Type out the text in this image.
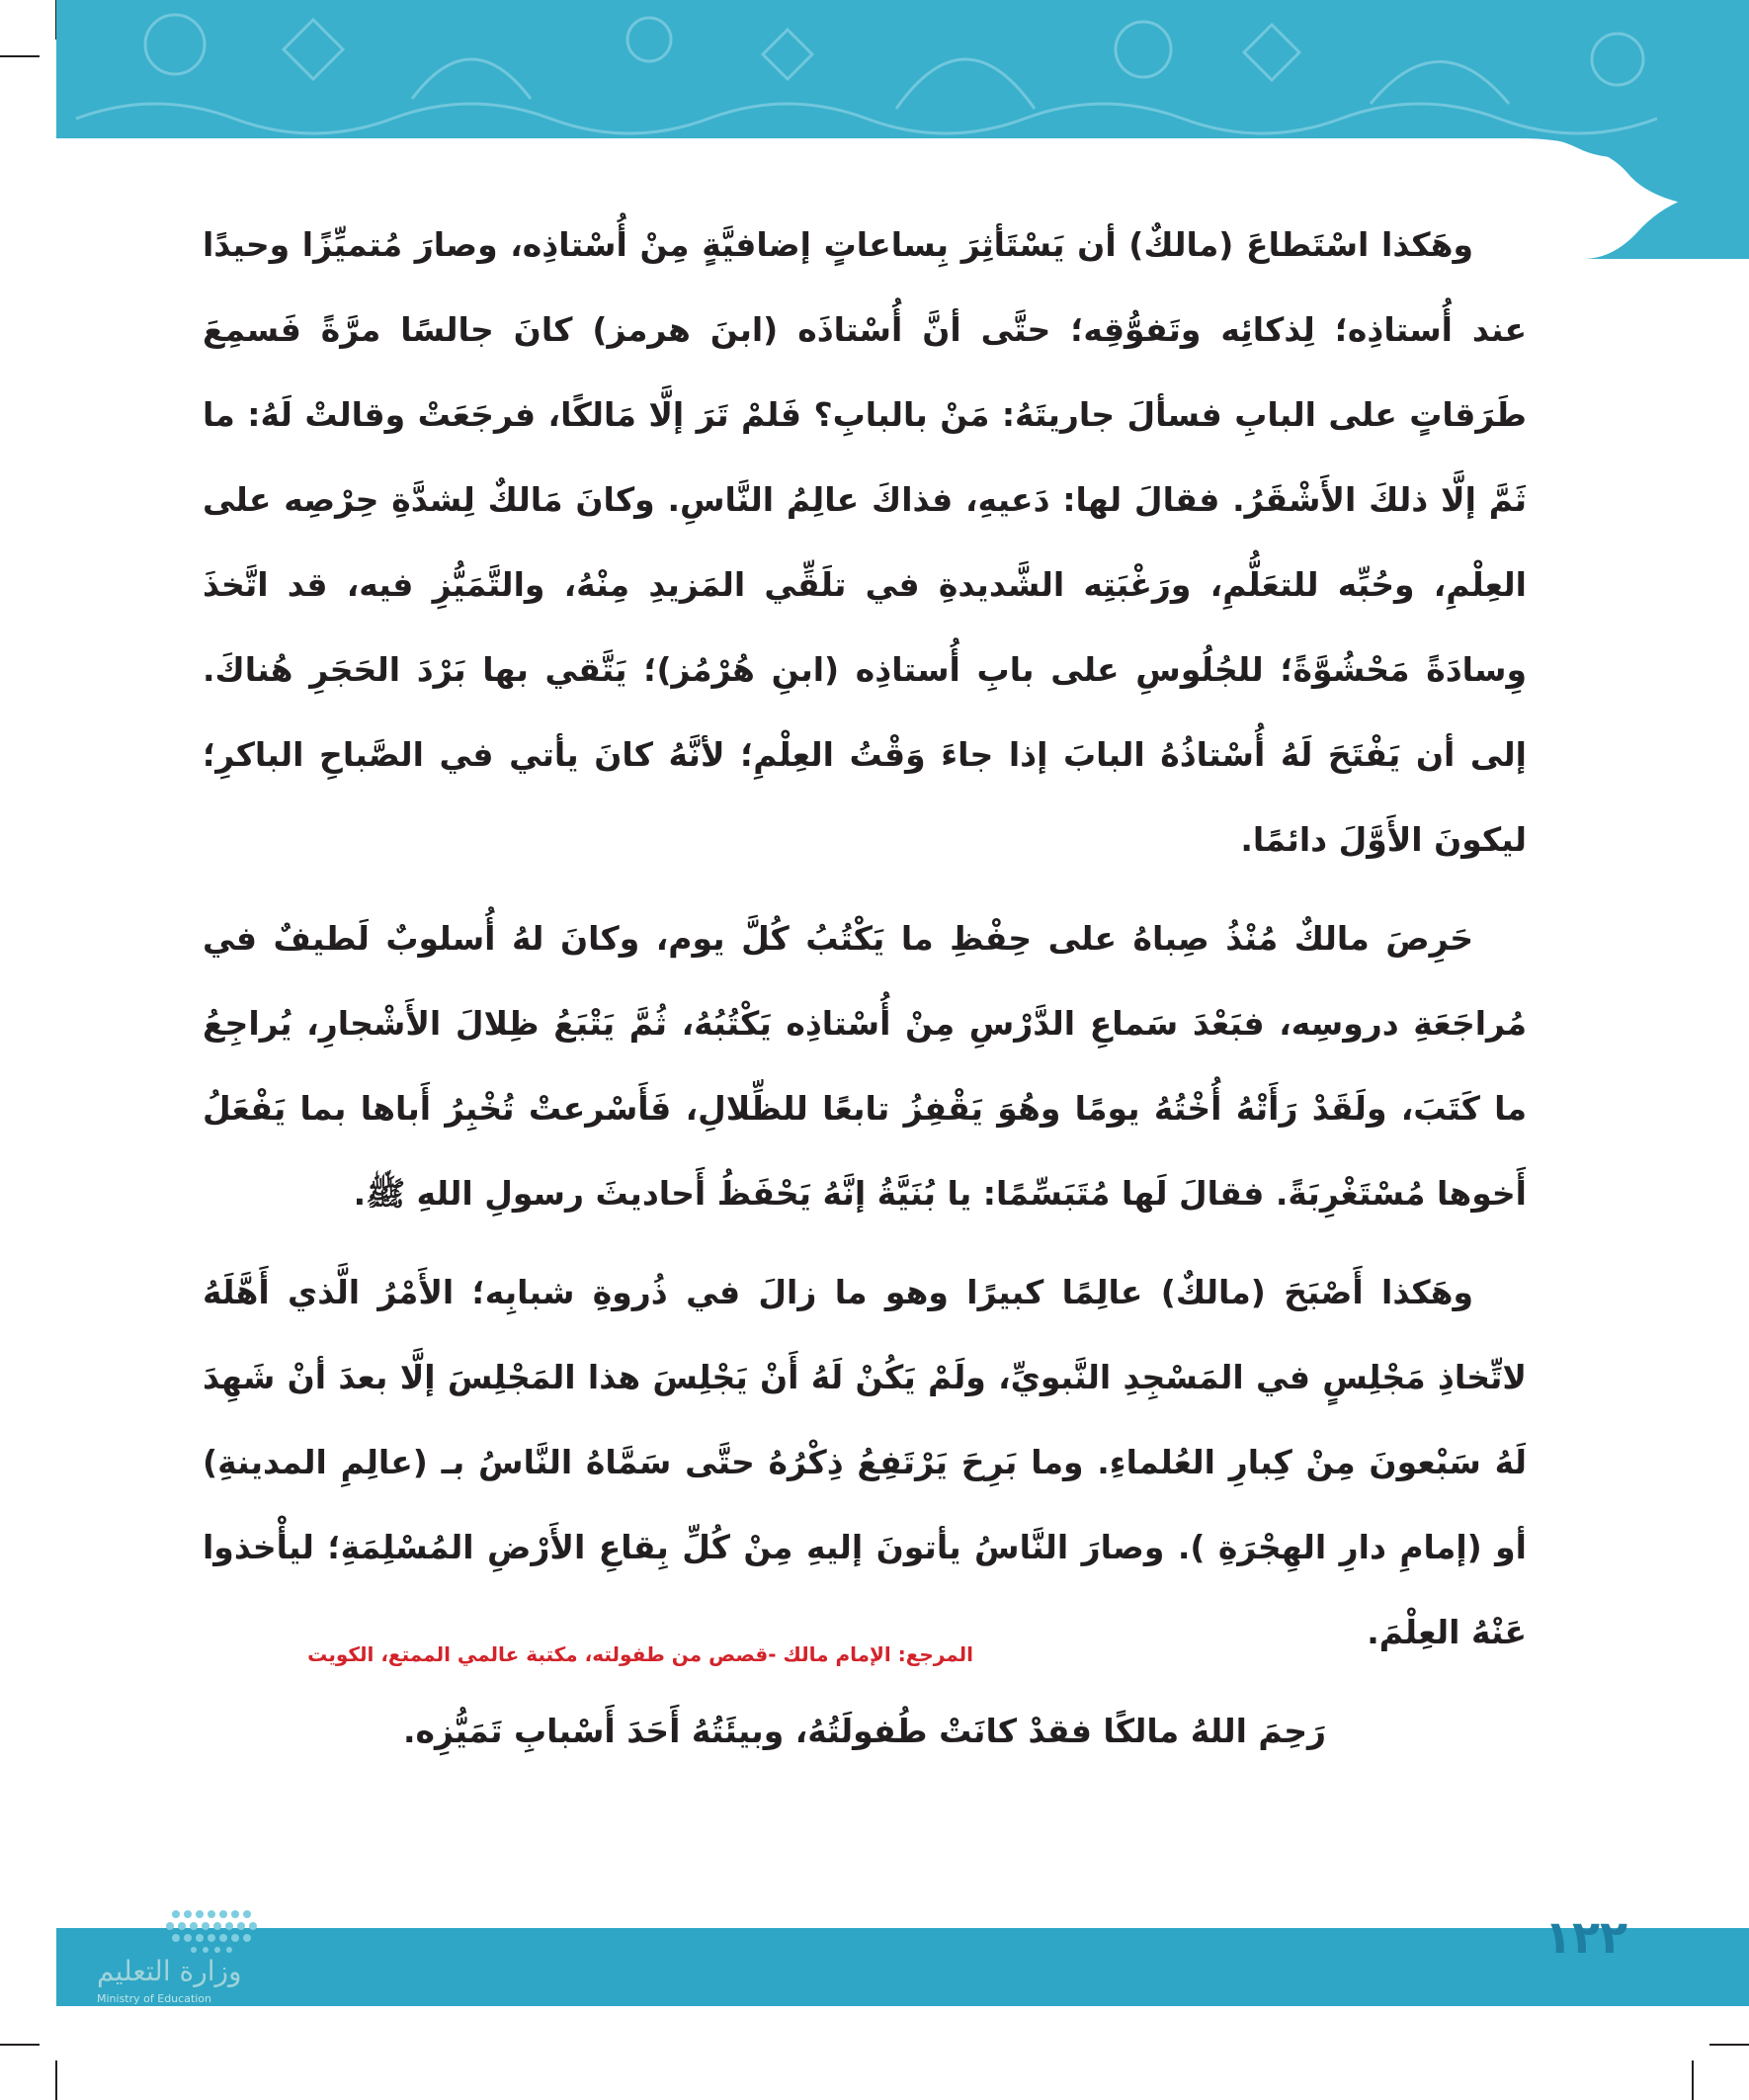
وهَكذا اسْتَطاعَ (مالكٌ) أن يَسْتَأثِرَ بِساعاتٍ إضافيَّةٍ مِنْ أُسْتاذِه، وصارَ مُتميِّزًا وحيدًا عند أُستاذِه؛ لِذكائِه وتَفوُّقِه؛ حتَّى أنَّ أُسْتاذَه (ابنَ هرمز) كانَ جالسًا مرَّةً فَسمِعَ طَرَقاتٍ على البابِ فسألَ جاريتَهُ: مَنْ بالبابِ؟ فَلمْ تَرَ إلَّا مَالكًا، فرجَعَتْ وقالتْ لَهُ: ما ثَمَّ إلَّا ذلكَ الأَشْقَرُ. فقالَ لها: دَعيهِ، فذاكَ عالِمُ النَّاسِ. وكانَ مَالكٌ لِشدَّةِ حِرْصِه على العِلْمِ، وحُبِّه للتعَلُّمِ، ورَغْبَتِه الشَّديدةِ في تلَقِّي المَزيدِ مِنْهُ، والتَّمَيُّزِ فيه، قد اتَّخذَ وِسادَةً مَحْشُوَّةً؛ للجُلُوسِ على بابِ أُستاذِه (ابنِ هُرْمُز)؛ يَتَّقي بها بَرْدَ الحَجَرِ هُناكَ. إلى أن يَفْتَحَ لَهُ أُسْتاذُهُ البابَ إذا جاءَ وَقْتُ العِلْمِ؛ لأنَّهُ كانَ يأتي في الصَّباحِ الباكرِ؛ ليكونَ الأَوَّلَ دائمًا.

حَرِصَ مالكٌ مُنْذُ صِباهُ على حِفْظِ ما يَكْتُبُ كُلَّ يوم، وكانَ لهُ أُسلوبٌ لَطيفٌ في مُراجَعَةِ دروسِه، فبَعْدَ سَماعِ الدَّرْسِ مِنْ أُسْتاذِه يَكْتُبُهُ، ثُمَّ يَتْبَعُ ظِلالَ الأَشْجارِ، يُراجِعُ ما كَتَبَ، ولَقَدْ رَأَتْهُ أُخْتُهُ يومًا وهُوَ يَقْفِزُ تابعًا للظِّلالِ، فَأَسْرعتْ تُخْبِرُ أَباها بما يَفْعَلُ أَخوها مُسْتَغْرِبَةً. فقالَ لَها مُتَبَسِّمًا: يا بُنَيَّةُ إنَّهُ يَحْفَظُ أَحاديثَ رسولِ اللهِ ﷺ.

وهَكذا أَصْبَحَ (مالكٌ) عالِمًا كبيرًا وهو ما زالَ في ذُروةِ شبابِه؛ الأَمْرُ الَّذي أَهَّلَهُ لاتِّخاذِ مَجْلِسٍ في المَسْجِدِ النَّبويِّ، ولَمْ يَكُنْ لَهُ أَنْ يَجْلِسَ هذا المَجْلِسَ إلَّا بعدَ أنْ شَهِدَ لَهُ سَبْعونَ مِنْ كِبارِ العُلماءِ. وما بَرِحَ يَرْتَفِعُ ذِكْرُهُ حتَّى سَمَّاهُ النَّاسُ بـ (عالِمِ المدينةِ) أو (إمامِ دارِ الهِجْرَةِ ). وصارَ النَّاسُ يأتونَ إليهِ مِنْ كُلِّ بِقاعِ الأَرْضِ المُسْلِمَةِ؛ ليأْخذوا عَنْهُ العِلْمَ.

رَحِمَ اللهُ مالكًا فقدْ كانَتْ طُفولَتُهُ، وبيئَتُهُ أَحَدَ أَسْبابِ تَمَيُّزِه.

المرجع: الإمام مالك -قصص من طفولته، مكتبة عالمي الممتع، الكويت
١٢٢
وزارة التعليم
Ministry of Education
